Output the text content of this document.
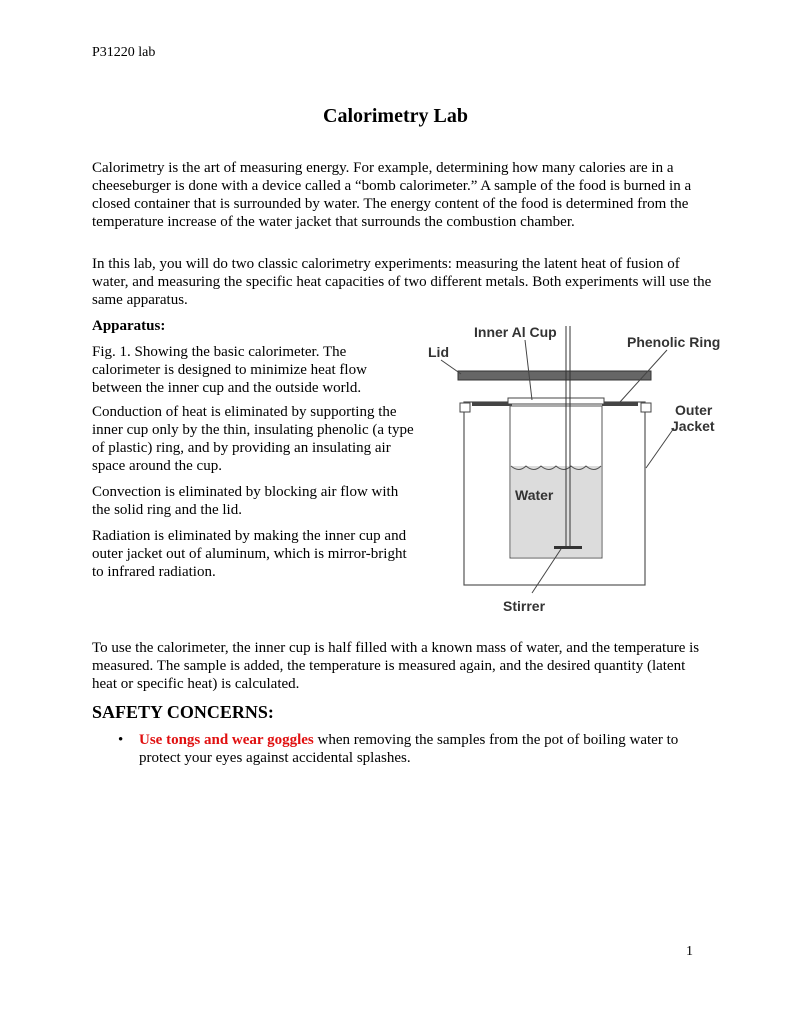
P31220 lab

Calorimetry Lab

Calorimetry is the art of measuring energy. For example, determining how many calories are in a cheeseburger is done with a device called a “bomb calorimeter.” A sample of the food is burned in a closed container that is surrounded by water. The energy content of the food is determined from the temperature increase of the water jacket that surrounds the combustion chamber.

In this lab, you will do two classic calorimetry experiments: measuring the latent heat of fusion of water, and measuring the specific heat capacities of two different metals. Both experiments will use the same apparatus.

Apparatus:

Fig. 1. Showing the basic calorimeter. The calorimeter is designed to minimize heat flow between the inner cup and the outside world.

Conduction of heat is eliminated by supporting the inner cup only by the thin, insulating phenolic (a type of plastic) ring, and by providing an insulating air space around the cup.

Convection is eliminated by blocking air flow with the solid ring and the lid.

Radiation is eliminated by making the inner cup and outer jacket out of aluminum, which is mirror-bright to infrared radiation.

Inner Al Cup
Phenolic Ring
Lid
Outer
Jacket
Water
Stirrer

To use the calorimeter, the inner cup is half filled with a known mass of water, and the temperature is measured. The sample is added, the temperature is measured again, and the desired quantity (latent heat or specific heat) is calculated.

SAFETY CONCERNS:
• Use tongs and wear goggles when removing the samples from the pot of boiling water to protect your eyes against accidental splashes.

1
